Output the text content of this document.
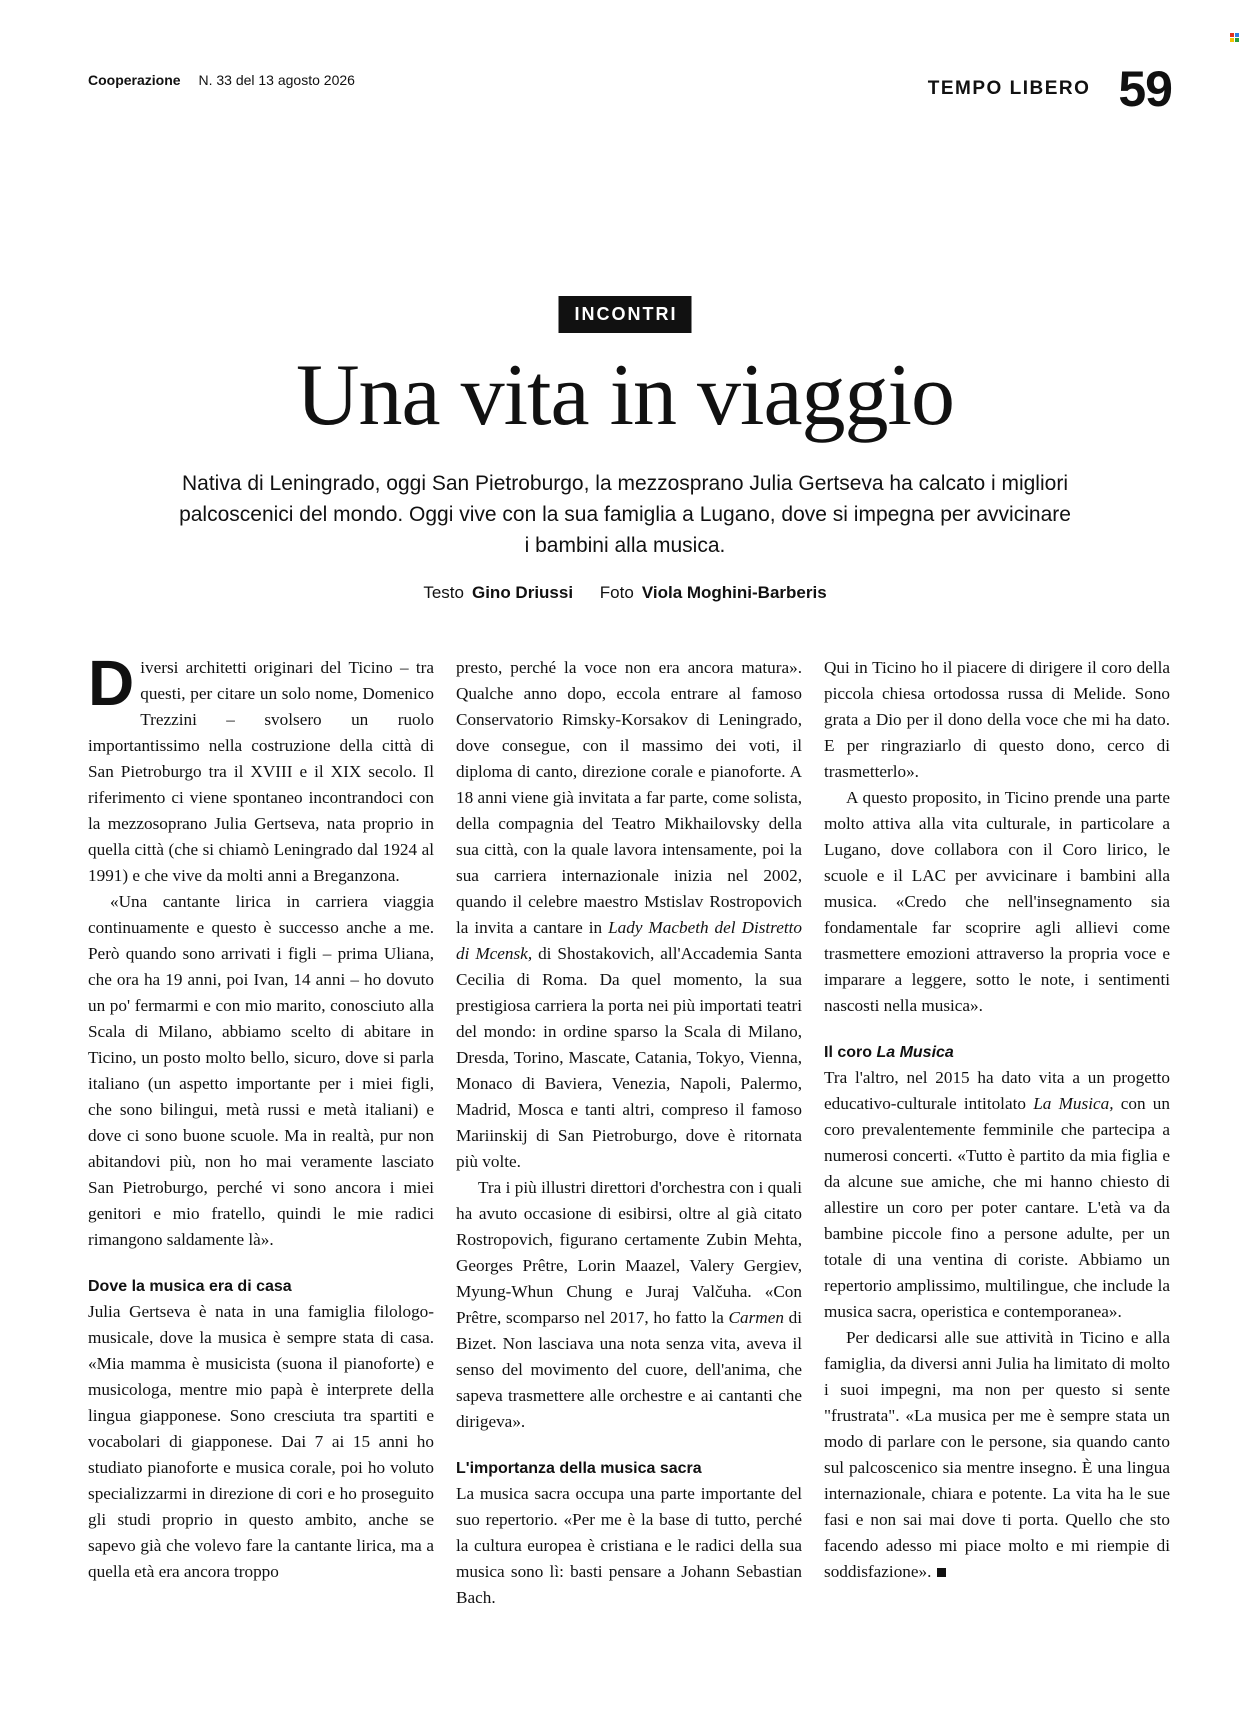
Cooperazione N. 33 del 13 agosto 2026	TEMPO LIBERO 59
INCONTRI
Una vita in viaggio

Nativa di Leningrado, oggi San Pietroburgo, la mezzosprano Julia Gertseva ha calcato i migliori palcoscenici del mondo. Oggi vive con la sua famiglia a Lugano, dove si impegna per avvicinare i bambini alla musica.

Testo Gino Driussi Foto Viola Moghini-Barberis

Diversi architetti originari del Ticino – tra questi, per citare un solo nome, Domenico Trezzini – svolsero un ruolo importantissimo nella costruzione della città di San Pietroburgo tra il XVIII e il XIX secolo. Il riferimento ci viene spontaneo incontrandoci con la mezzosoprano Julia Gertseva, nata proprio in quella città (che si chiamò Leningrado dal 1924 al 1991) e che vive da molti anni a Breganzona.

«Una cantante lirica in carriera viaggia continuamente e questo è successo anche a me. Però quando sono arrivati i figli – prima Uliana, che ora ha 19 anni, poi Ivan, 14 anni – ho dovuto un po' fermarmi e con mio marito, conosciuto alla Scala di Milano, abbiamo scelto di abitare in Ticino, un posto molto bello, sicuro, dove si parla italiano (un aspetto importante per i miei figli, che sono bilingui, metà russi e metà italiani) e dove ci sono buone scuole. Ma in realtà, pur non abitandovi più, non ho mai veramente lasciato San Pietroburgo, perché vi sono ancora i miei genitori e mio fratello, quindi le mie radici rimangono saldamente là».

Dove la musica era di casa

Julia Gertseva è nata in una famiglia filologo-musicale, dove la musica è sempre stata di casa. «Mia mamma è musicista (suona il pianoforte) e musicologa, mentre mio papà è interprete della lingua giapponese. Sono cresciuta tra spartiti e vocabolari di giapponese. Dai 7 ai 15 anni ho studiato pianoforte e musica corale, poi ho voluto specializzarmi in direzione di cori e ho proseguito gli studi proprio in questo ambito, anche se sapevo già che volevo fare la cantante lirica, ma a quella età era ancora troppo

presto, perché la voce non era ancora matura». Qualche anno dopo, eccola entrare al famoso Conservatorio Rimsky-Korsakov di Leningrado, dove consegue, con il massimo dei voti, il diploma di canto, direzione corale e pianoforte. A 18 anni viene già invitata a far parte, come solista, della compagnia del Teatro Mikhailovsky della sua città, con la quale lavora intensamente, poi la sua carriera internazionale inizia nel 2002, quando il celebre maestro Mstislav Rostropovich la invita a cantare in Lady Macbeth del Distretto di Mcensk, di Shostakovich, all'Accademia Santa Cecilia di Roma. Da quel momento, la sua prestigiosa carriera la porta nei più importati teatri del mondo: in ordine sparso la Scala di Milano, Dresda, Torino, Mascate, Catania, Tokyo, Vienna, Monaco di Baviera, Venezia, Napoli, Palermo, Madrid, Mosca e tanti altri, compreso il famoso Mariinskij di San Pietroburgo, dove è ritornata più volte.

Tra i più illustri direttori d'orchestra con i quali ha avuto occasione di esibirsi, oltre al già citato Rostropovich, figurano certamente Zubin Mehta, Georges Prêtre, Lorin Maazel, Valery Gergiev, Myung-Whun Chung e Juraj Valčuha. «Con Prêtre, scomparso nel 2017, ho fatto la Carmen di Bizet. Non lasciava una nota senza vita, aveva il senso del movimento del cuore, dell'anima, che sapeva trasmettere alle orchestre e ai cantanti che dirigeva».

L'importanza della musica sacra

La musica sacra occupa una parte importante del suo repertorio. «Per me è la base di tutto, perché la cultura europea è cristiana e le radici della sua musica sono lì: basti pensare a Johann Sebastian Bach.

Qui in Ticino ho il piacere di dirigere il coro della piccola chiesa ortodossa russa di Melide. Sono grata a Dio per il dono della voce che mi ha dato. E per ringraziarlo di questo dono, cerco di trasmetterlo».

A questo proposito, in Ticino prende una parte molto attiva alla vita culturale, in particolare a Lugano, dove collabora con il Coro lirico, le scuole e il LAC per avvicinare i bambini alla musica. «Credo che nell'insegnamento sia fondamentale far scoprire agli allievi come trasmettere emozioni attraverso la propria voce e imparare a leggere, sotto le note, i sentimenti nascosti nella musica».

Il coro La Musica

Tra l'altro, nel 2015 ha dato vita a un progetto educativo-culturale intitolato La Musica, con un coro prevalentemente femminile che partecipa a numerosi concerti. «Tutto è partito da mia figlia e da alcune sue amiche, che mi hanno chiesto di allestire un coro per poter cantare. L'età va da bambine piccole fino a persone adulte, per un totale di una ventina di coriste. Abbiamo un repertorio amplissimo, multilingue, che include la musica sacra, operistica e contemporanea».

Per dedicarsi alle sue attività in Ticino e alla famiglia, da diversi anni Julia ha limitato di molto i suoi impegni, ma non per questo si sente "frustrata". «La musica per me è sempre stata un modo di parlare con le persone, sia quando canto sul palcoscenico sia mentre insegno. È una lingua internazionale, chiara e potente. La vita ha le sue fasi e non sai mai dove ti porta. Quello che sto facendo adesso mi piace molto e mi riempie di soddisfazione».
